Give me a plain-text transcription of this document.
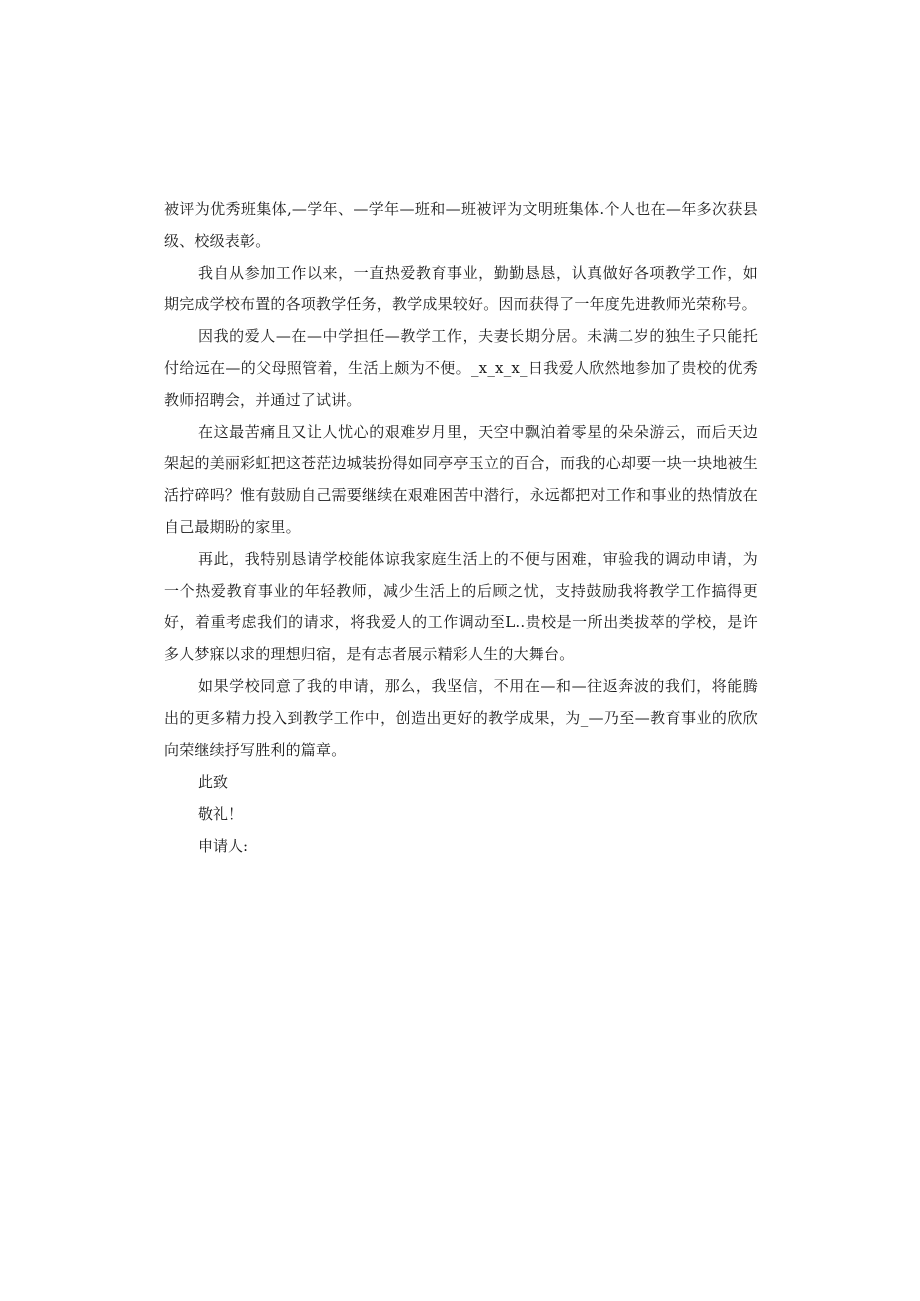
被评为优秀班集体,—学年、—学年—班和—班被评为文明班集体.个人也在—年多次获县级、校级表彰。

我自从参加工作以来，一直热爱教育事业，勤勤恳恳，认真做好各项教学工作，如期完成学校布置的各项教学任务，教学成果较好。因而获得了一年度先进教师光荣称号。

因我的爱人—在—中学担任—教学工作，夫妻长期分居。未满二岁的独生子只能托付给远在—的父母照管着，生活上颇为不便。_x_x_x_日我爱人欣然地参加了贵校的优秀教师招聘会，并通过了试讲。

在这最苦痛且又让人忧心的艰难岁月里，天空中飘泊着零星的朵朵游云，而后天边架起的美丽彩虹把这苍茫边城装扮得如同亭亭玉立的百合，而我的心却要一块一块地被生活拧碎吗？惟有鼓励自己需要继续在艰难困苦中潜行，永远都把对工作和事业的热情放在自己最期盼的家里。

再此，我特别恳请学校能体谅我家庭生活上的不便与困难，审验我的调动申请，为一个热爱教育事业的年轻教师，减少生活上的后顾之忧，支持鼓励我将教学工作搞得更好，着重考虑我们的请求，将我爱人的工作调动至L..贵校是一所出类拔萃的学校，是许多人梦寐以求的理想归宿，是有志者展示精彩人生的大舞台。

如果学校同意了我的申请，那么，我坚信，不用在—和—往返奔波的我们，将能腾出的更多精力投入到教学工作中，创造出更好的教学成果，为_—乃至—教育事业的欣欣向荣继续抒写胜利的篇章。

此致

敬礼！

申请人:
